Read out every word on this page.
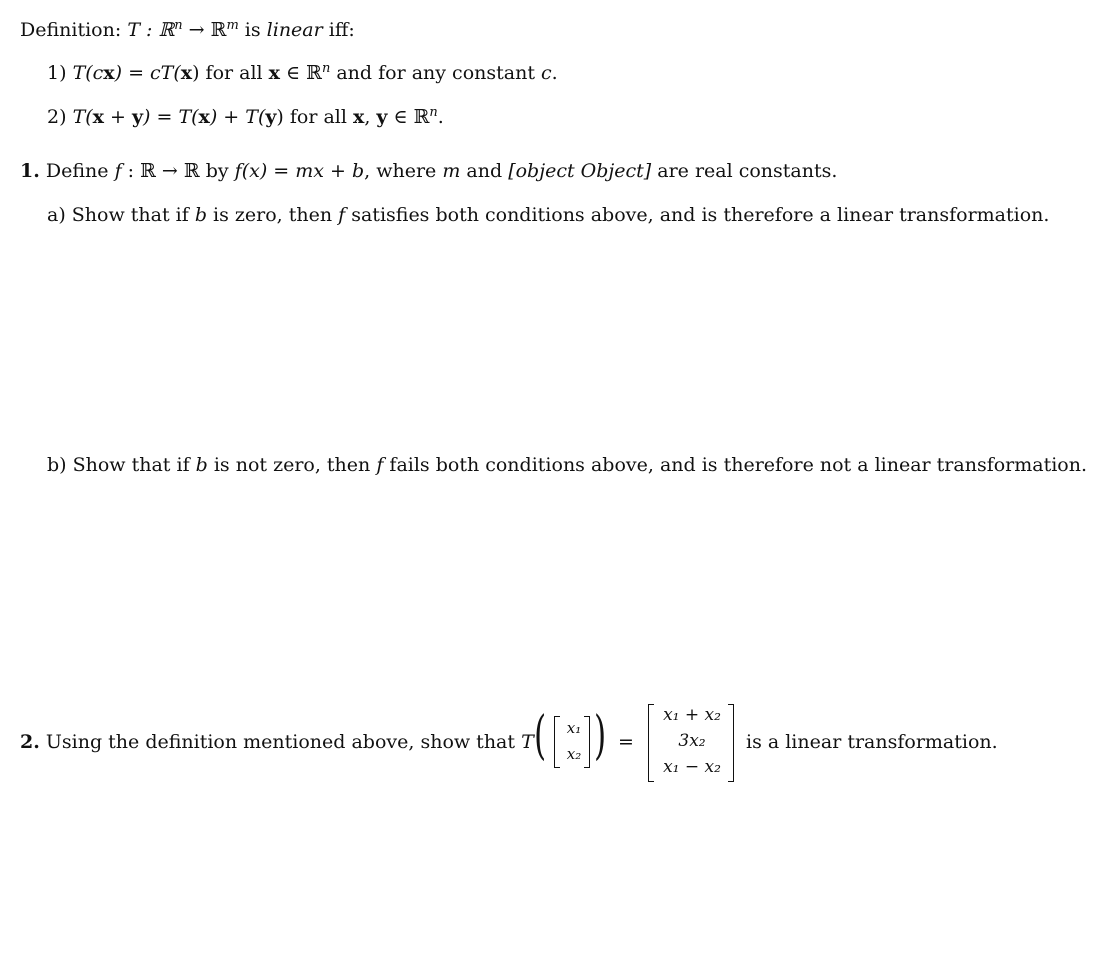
Definition: T : ℝ$^n$ → ℝ$^m$ is linear iff:
1) T(cx) = cT(x) for all x ∈ ℝ$^n$ and for any constant c.
2) T(x + y) = T(x) + T(y) for all x, y ∈ ℝ$^n$.
1. Define f : ℝ → ℝ by f(x) = mx + b, where m and [object Object] are real constants.
a) Show that if b is zero, then f satisfies both conditions above, and is therefore a linear transformation.
b) Show that if b is not zero, then f fails both conditions above, and is therefore not a linear transformation.
2. Using the definition mentioned above, show that T (	x₁
x₂ ) =
x₁ + x₂
3x₂
x₁ − x₂
is a linear transformation.
